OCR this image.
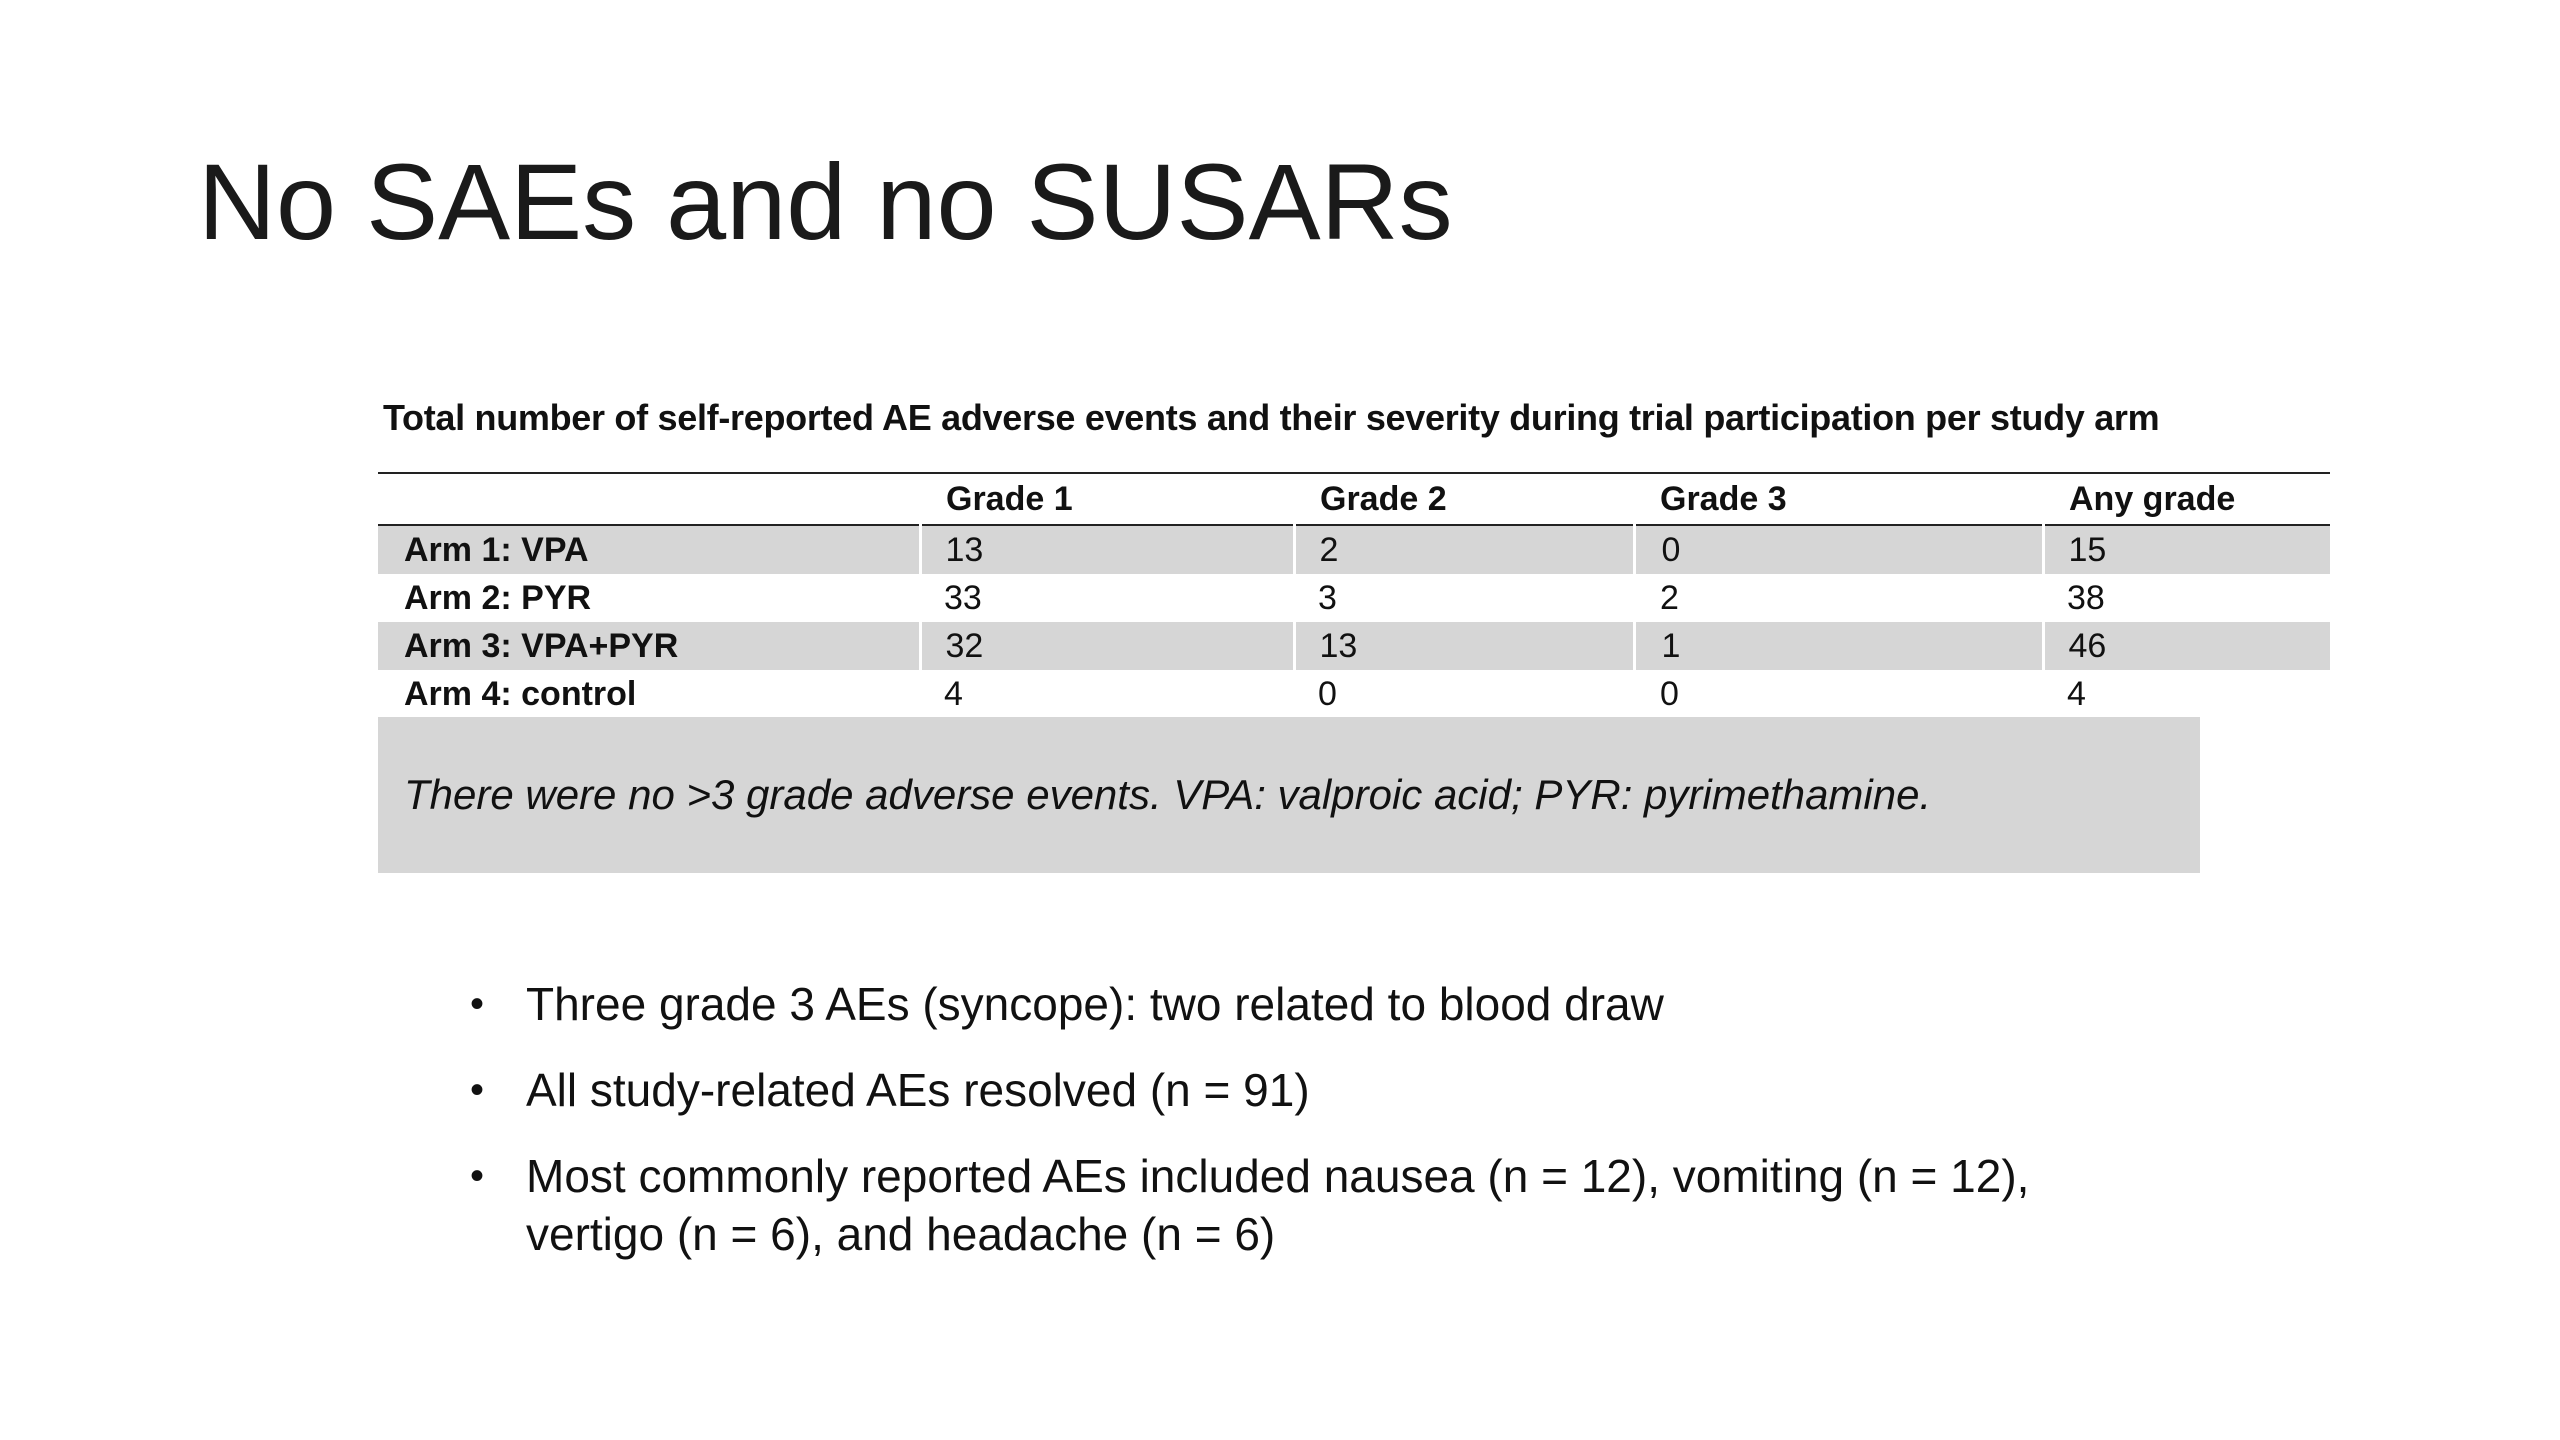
No SAEs and no SUSARs
Total number of self-reported AE adverse events and their severity during trial participation per study arm
	Grade 1	Grade 2	Grade 3	Any grade
Arm 1: VPA	13	2	0	15
Arm 2: PYR	33	3	2	38
Arm 3: VPA+PYR	32	13	1	46
Arm 4: control	4	0	0	4
There were no >3 grade adverse events. VPA: valproic acid; PYR: pyrimethamine.
• Three grade 3 AEs (syncope): two related to blood draw
• All study-related AEs resolved (n = 91)
• Most commonly reported AEs included nausea (n = 12), vomiting (n = 12), vertigo (n = 6), and headache (n = 6)
